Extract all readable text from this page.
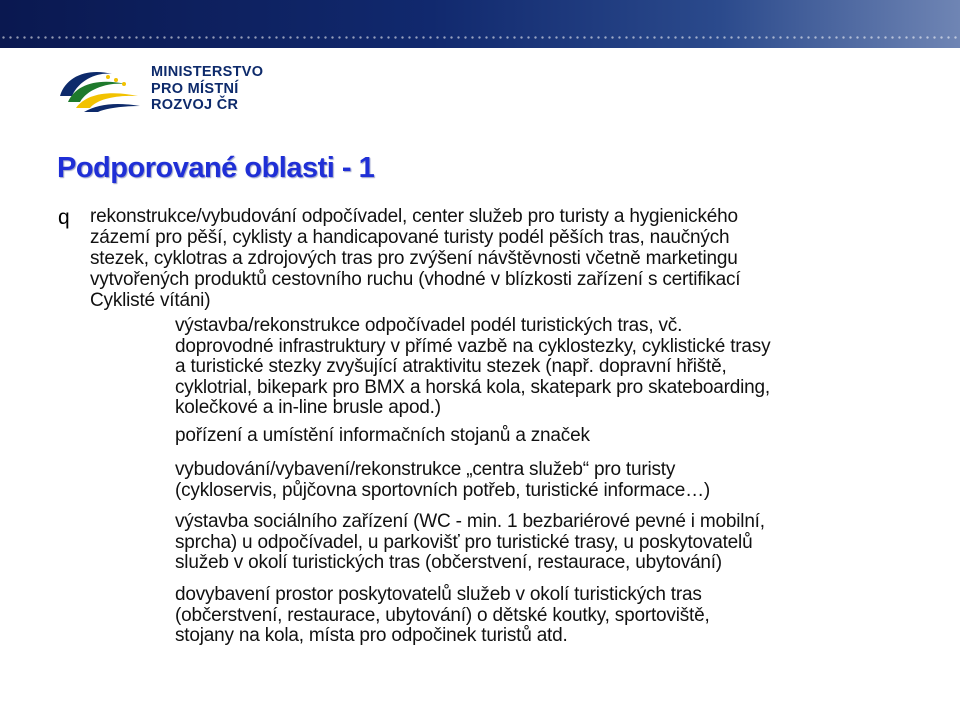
MINISTERSTVO
PRO MÍSTNÍ
ROZVOJ ČR
Podporované oblasti - 1
q rekonstrukce/vybudování odpočívadel, center služeb pro turisty a hygienického
zázemí pro pěší, cyklisty a handicapované turisty podél pěších tras, naučných
stezek, cyklotras a zdrojových tras pro zvýšení návštěvnosti včetně marketingu
vytvořených produktů cestovního ruchu (vhodné v blízkosti zařízení s certifikací
Cyklisté vítáni)
výstavba/rekonstrukce odpočívadel podél turistických tras, vč.
doprovodné infrastruktury v přímé vazbě na cyklostezky, cyklistické trasy
a turistické stezky zvyšující atraktivitu stezek (např. dopravní hřiště,
cyklotrial, bikepark pro BMX a horská kola, skatepark pro skateboarding,
kolečkové a in-line brusle apod.)
pořízení a umístění informačních stojanů a značek
vybudování/vybavení/rekonstrukce „centra služeb“ pro turisty
(cykloservis, půjčovna sportovních potřeb, turistické informace…)
výstavba sociálního zařízení (WC - min. 1 bezbariérové pevné i mobilní,
sprcha) u odpočívadel, u parkovišť pro turistické trasy, u poskytovatelů
služeb v okolí turistických tras (občerstvení, restaurace, ubytování)
dovybavení prostor poskytovatelů služeb v okolí turistických tras
(občerstvení, restaurace, ubytování) o dětské koutky, sportoviště,
stojany na kola, místa pro odpočinek turistů atd.
